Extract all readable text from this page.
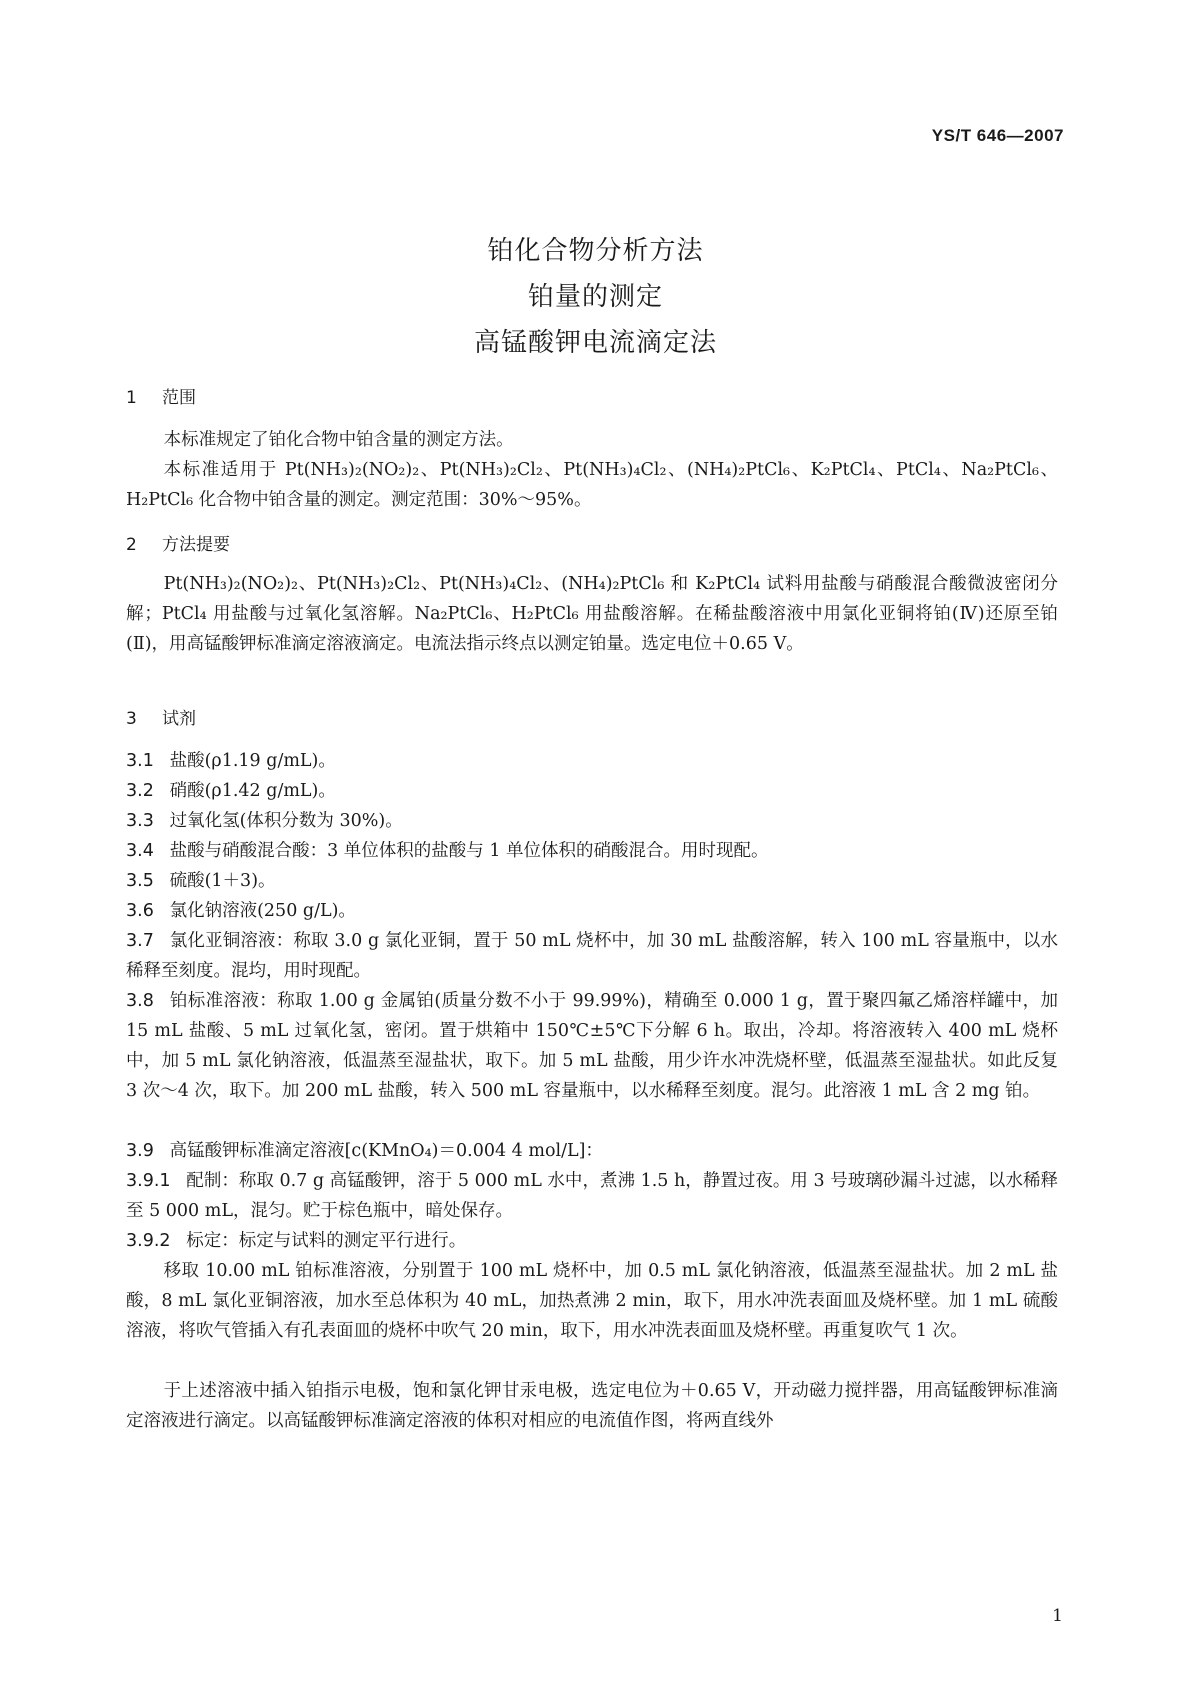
YS/T 646—2007
铂化合物分析方法
铂量的测定
高锰酸钾电流滴定法
1 范围
本标准规定了铂化合物中铂含量的测定方法。
本标准适用于 Pt(NH₃)₂(NO₂)₂、Pt(NH₃)₂Cl₂、Pt(NH₃)₄Cl₂、(NH₄)₂PtCl₆、K₂PtCl₄、PtCl₄、Na₂PtCl₆、H₂PtCl₆ 化合物中铂含量的测定。测定范围：30%～95%。
2 方法提要
Pt(NH₃)₂(NO₂)₂、Pt(NH₃)₂Cl₂、Pt(NH₃)₄Cl₂、(NH₄)₂PtCl₆ 和 K₂PtCl₄ 试料用盐酸与硝酸混合酸微波密闭分解；PtCl₄ 用盐酸与过氧化氢溶解。Na₂PtCl₆、H₂PtCl₆ 用盐酸溶解。在稀盐酸溶液中用氯化亚铜将铂(Ⅳ)还原至铂(Ⅱ)，用高锰酸钾标准滴定溶液滴定。电流法指示终点以测定铂量。选定电位＋0.65 V。
3 试剂
3.1 盐酸(ρ1.19 g/mL)。
3.2 硝酸(ρ1.42 g/mL)。
3.3 过氧化氢(体积分数为 30%)。
3.4 盐酸与硝酸混合酸：3 单位体积的盐酸与 1 单位体积的硝酸混合。用时现配。
3.5 硫酸(1＋3)。
3.6 氯化钠溶液(250 g/L)。
3.7 氯化亚铜溶液：称取 3.0 g 氯化亚铜，置于 50 mL 烧杯中，加 30 mL 盐酸溶解，转入 100 mL 容量瓶中，以水稀释至刻度。混均，用时现配。
3.8 铂标准溶液：称取 1.00 g 金属铂(质量分数不小于 99.99%)，精确至 0.000 1 g，置于聚四氟乙烯溶样罐中，加 15 mL 盐酸、5 mL 过氧化氢，密闭。置于烘箱中 150℃±5℃下分解 6 h。取出，冷却。将溶液转入 400 mL 烧杯中，加 5 mL 氯化钠溶液，低温蒸至湿盐状，取下。加 5 mL 盐酸，用少许水冲洗烧杯壁，低温蒸至湿盐状。如此反复 3 次～4 次，取下。加 200 mL 盐酸，转入 500 mL 容量瓶中，以水稀释至刻度。混匀。此溶液 1 mL 含 2 mg 铂。
3.9 高锰酸钾标准滴定溶液[c(KMnO₄)＝0.004 4 mol/L]：
3.9.1 配制：称取 0.7 g 高锰酸钾，溶于 5 000 mL 水中，煮沸 1.5 h，静置过夜。用 3 号玻璃砂漏斗过滤，以水稀释至 5 000 mL，混匀。贮于棕色瓶中，暗处保存。
3.9.2 标定：标定与试料的测定平行进行。
移取 10.00 mL 铂标准溶液，分别置于 100 mL 烧杯中，加 0.5 mL 氯化钠溶液，低温蒸至湿盐状。加 2 mL 盐酸，8 mL 氯化亚铜溶液，加水至总体积为 40 mL，加热煮沸 2 min，取下，用水冲洗表面皿及烧杯壁。加 1 mL 硫酸溶液，将吹气管插入有孔表面皿的烧杯中吹气 20 min，取下，用水冲洗表面皿及烧杯壁。再重复吹气 1 次。
于上述溶液中插入铂指示电极，饱和氯化钾甘汞电极，选定电位为＋0.65 V，开动磁力搅拌器，用高锰酸钾标准滴定溶液进行滴定。以高锰酸钾标准滴定溶液的体积对相应的电流值作图，将两直线外
1
